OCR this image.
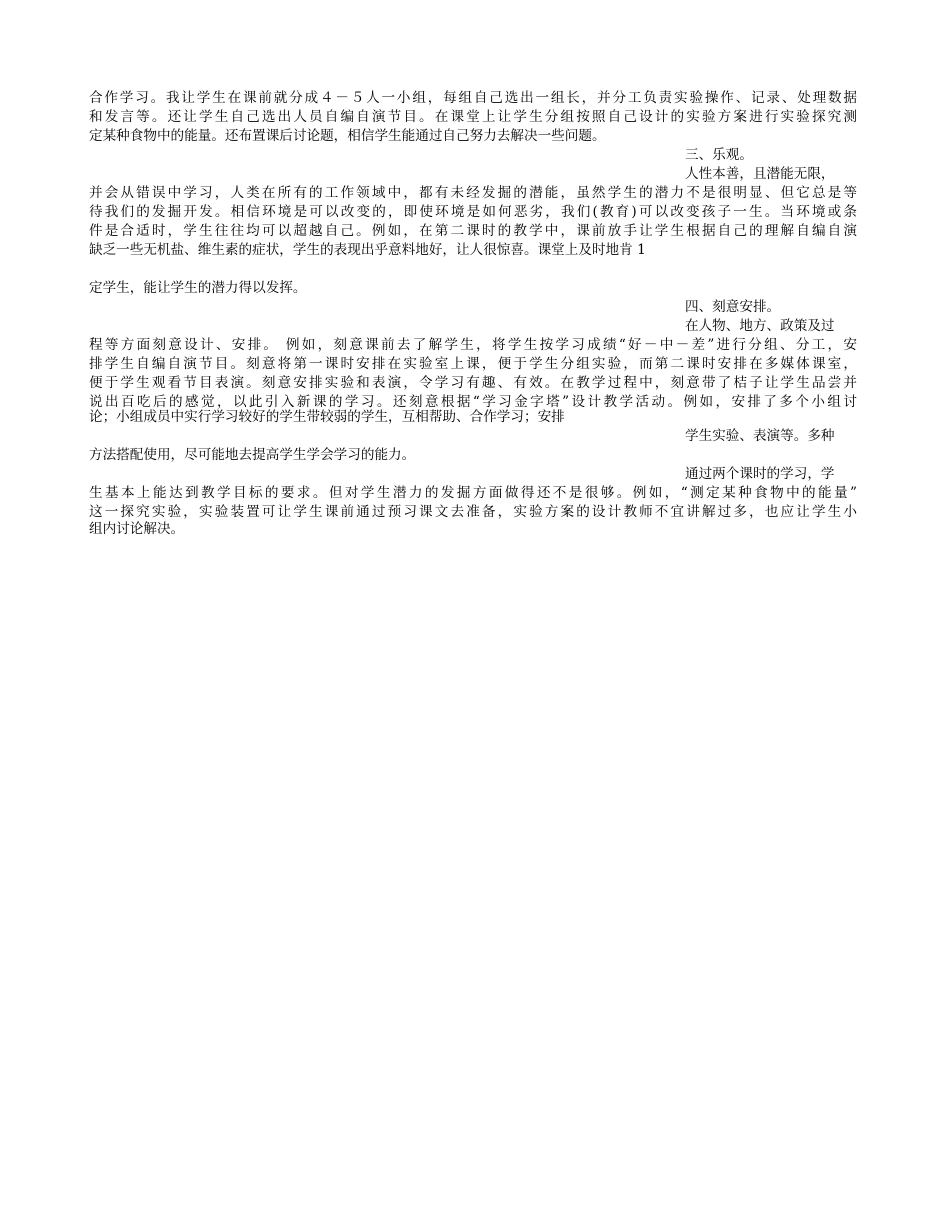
合作学习。我让学生在课前就分成４－５人一小组，每组自己选出一组长，并分工负责实验操作、记录、处理数据
和发言等。还让学生自己选出人员自编自演节目。在课堂上让学生分组按照自己设计的实验方案进行实验探究测
定某种食物中的能量。还布置课后讨论题，相信学生能通过自己努力去解决一些问题。
三、乐观。
人性本善，且潜能无限，
并会从错误中学习，人类在所有的工作领域中，都有未经发掘的潜能，虽然学生的潜力不是很明显、但它总是等
待我们的发掘开发。相信环境是可以改变的，即使环境是如何恶劣，我们(教育)可以改变孩子一生。当环境或条
件是合适时，学生往往均可以超越自己。例如，在第二课时的教学中，课前放手让学生根据自己的理解自编自演
缺乏一些无机盐、维生素的症状，学生的表现出乎意料地好，让人很惊喜。课堂上及时地肯 1
定学生，能让学生的潜力得以发挥。
四、刻意安排。
在人物、地方、政策及过
程等方面刻意设计、安排。 例如，刻意课前去了解学生，将学生按学习成绩“好－中－差”进行分组、分工，安
排学生自编自演节目。刻意将第一课时安排在实验室上课，便于学生分组实验，而第二课时安排在多媒体课室，
便于学生观看节目表演。刻意安排实验和表演，令学习有趣、有效。在教学过程中，刻意带了桔子让学生品尝并
说出百吃后的感觉，以此引入新课的学习。还刻意根据“学习金字塔”设计教学活动。例如，安排了多个小组讨
论；小组成员中实行学习较好的学生带较弱的学生，互相帮助、合作学习；安排
学生实验、表演等。多种
方法搭配使用，尽可能地去提高学生学会学习的能力。
通过两个课时的学习，学
生基本上能达到教学目标的要求。但对学生潜力的发掘方面做得还不是很够。例如，“测定某种食物中的能量”
这一探究实验，实验装置可让学生课前通过预习课文去准备，实验方案的设计教师不宜讲解过多，也应让学生小
组内讨论解决。
